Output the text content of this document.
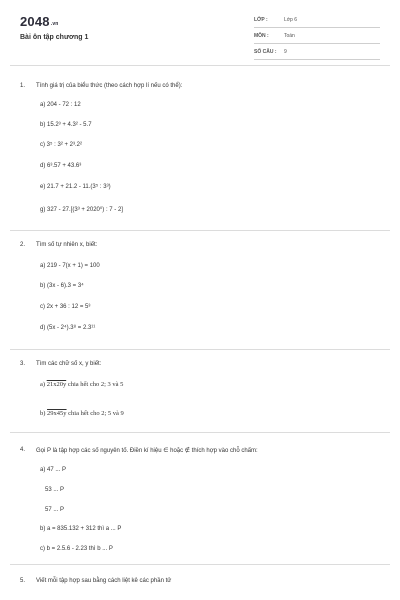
2048.vn
Bài ôn tập chương 1
LỚP :	Lớp 6
MÔN :	Toán
SỐ CÂU : 9
1. Tính giá trị của biểu thức (theo cách hợp lí nếu có thể):
a) 204 - 72 : 12
b) 15.2³ + 4.3² - 5.7
c) 3⁵ : 3² + 2³.2²
d) 6³.57 + 43.6³
e) 21.7 + 21.2 - 11.(3⁵ : 3³)
g) 327 - 27.[(3³ + 2020⁰) : 7 - 2]
2. Tìm số tự nhiên x, biết:
a) 219 - 7(x + 1) = 100
b) (3x - 6).3 = 3⁴
c) 2x + 36 : 12 = 5³
d) (5x - 2⁴).3⁸ = 2.3¹¹
3. Tìm các chữ số x, y biết:
a) 21x20y chia hết cho 2; 3 và 5
b) 29x45y chia hết cho 2; 5 và 9
4. Gọi P là tập hợp các số nguyên tố. Điền kí hiệu ∈ hoặc ∉ thích hợp vào chỗ chấm:
a) 47 ... P
53 ... P
57 ... P
b) a = 835.132 + 312 thì a ... P
c) b = 2.5.6 - 2.23 thì b ... P
5. Viết mỗi tập hợp sau bằng cách liệt kê các phần tử
